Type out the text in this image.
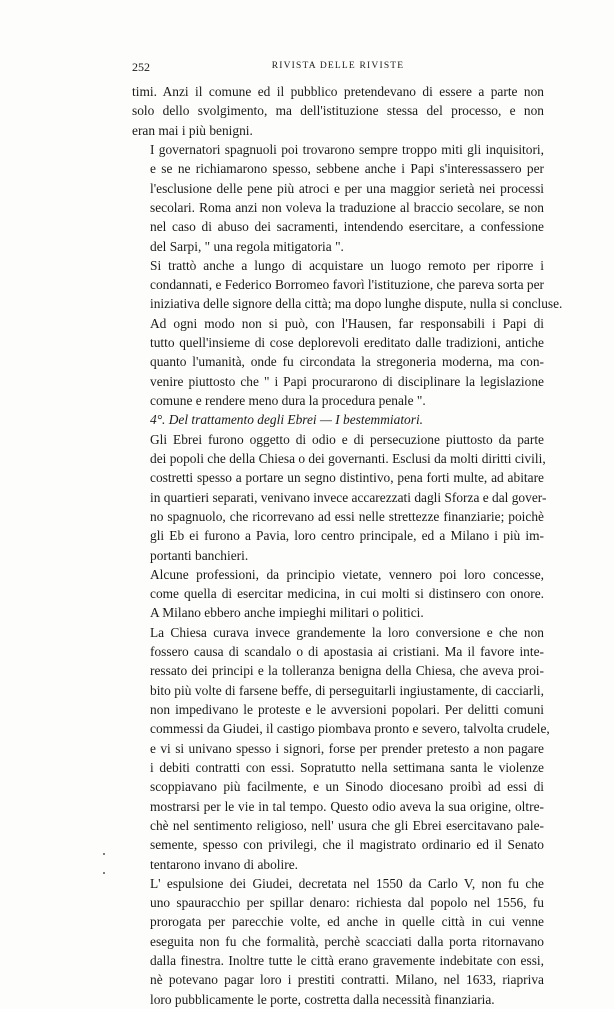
252	RIVISTA DELLE RIVISTE

timi. Anzi il comune ed il pubblico pretendevano di essere a parte non
solo dello svolgimento, ma dell'istituzione stessa del processo, e non
eran mai i più benigni.

I governatori spagnuoli poi trovarono sempre troppo miti gli inquisitori,
e se ne richiamarono spesso, sebbene anche i Papi s'interessassero per
l'esclusione delle pene più atroci e per una maggior serietà nei processi
secolari. Roma anzi non voleva la traduzione al braccio secolare, se non
nel caso di abuso dei sacramenti, intendendo esercitare, a confessione
del Sarpi, " una regola mitigatoria ".

Si trattò anche a lungo di acquistare un luogo remoto per riporre i
condannati, e Federico Borromeo favorì l'istituzione, che pareva sorta per
iniziativa delle signore della città; ma dopo lunghe dispute, nulla si concluse.

Ad ogni modo non si può, con l'Hausen, far responsabili i Papi di
tutto quell'insieme di cose deplorevoli ereditato dalle tradizioni, antiche
quanto l'umanità, onde fu circondata la stregoneria moderna, ma con-
venire piuttosto che " i Papi procurarono di disciplinare la legislazione
comune e rendere meno dura la procedura penale ".

4°. Del trattamento degli Ebrei — I bestemmiatori.

Gli Ebrei furono oggetto di odio e di persecuzione piuttosto da parte
dei popoli che della Chiesa o dei governanti. Esclusi da molti diritti civili,
costretti spesso a portare un segno distintivo, pena forti multe, ad abitare
in quartieri separati, venivano invece accarezzati dagli Sforza e dal gover-
no spagnuolo, che ricorrevano ad essi nelle strettezze finanziarie; poichè
gli Eb ei furono a Pavia, loro centro principale, ed a Milano i più im-
portanti banchieri.

Alcune professioni, da principio vietate, vennero poi loro concesse,
come quella di esercitar medicina, in cui molti si distinsero con onore.
A Milano ebbero anche impieghi militari o politici.

La Chiesa curava invece grandemente la loro conversione e che non
fossero causa di scandalo o di apostasia ai cristiani. Ma il favore inte-
ressato dei principi e la tolleranza benigna della Chiesa, che aveva proi-
bito più volte di farsene beffe, di perseguitarli ingiustamente, di cacciarli,
non impedivano le proteste e le avversioni popolari. Per delitti comuni
commessi da Giudei, il castigo piombava pronto e severo, talvolta crudele,
e vi si univano spesso i signori, forse per prender pretesto a non pagare
i debiti contratti con essi. Sopratutto nella settimana santa le violenze
scoppiavano più facilmente, e un Sinodo diocesano proibì ad essi di
mostrarsi per le vie in tal tempo. Questo odio aveva la sua origine, oltre-
chè nel sentimento religioso, nell' usura che gli Ebrei esercitavano pale-
semente, spesso con privilegi, che il magistrato ordinario ed il Senato
tentarono invano di abolire.

L' espulsione dei Giudei, decretata nel 1550 da Carlo V, non fu che
uno spauracchio per spillar denaro: richiesta dal popolo nel 1556, fu
prorogata per parecchie volte, ed anche in quelle città in cui venne
eseguita non fu che formalità, perchè scacciati dalla porta ritornavano
dalla finestra. Inoltre tutte le città erano gravemente indebitate con essi,
nè potevano pagar loro i prestiti contratti. Milano, nel 1633, riapriva
loro pubblicamente le porte, costretta dalla necessità finanziaria.
